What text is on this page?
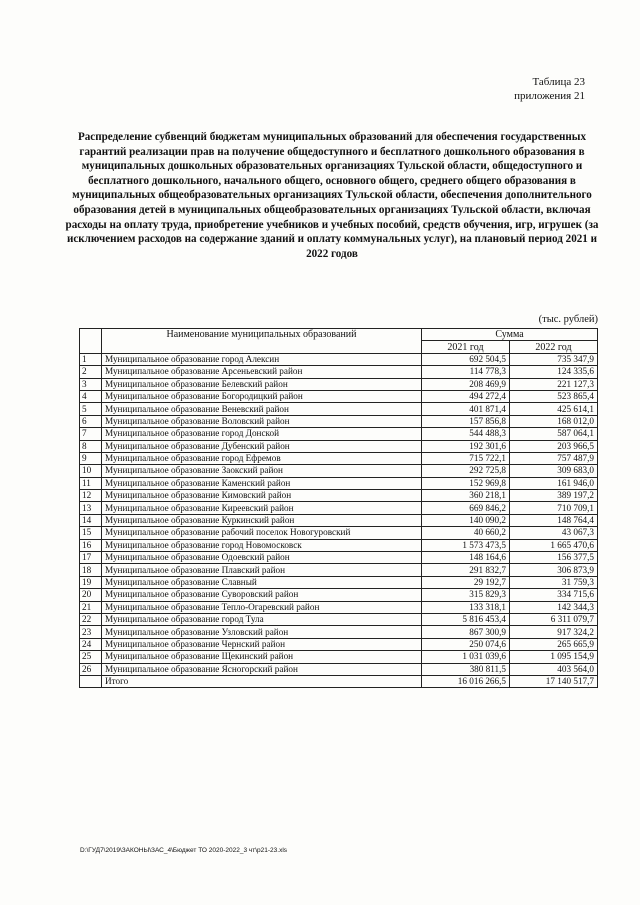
Таблица 23
приложения 21
Распределение субвенций бюджетам муниципальных образований для обеспечения государственных гарантий реализации прав на получение общедоступного и бесплатного дошкольного образования в муниципальных дошкольных образовательных организациях Тульской области, общедоступного и бесплатного дошкольного, начального общего, основного общего, среднего общего образования в муниципальных общеобразовательных организациях Тульской области, обеспечения дополнительного образования детей в муниципальных общеобразовательных организациях Тульской области, включая расходы на оплату труда, приобретение учебников и учебных пособий, средств обучения, игр, игрушек (за исключением расходов на содержание зданий и оплату коммунальных услуг), на плановый период 2021 и 2022 годов
(тыс. рублей)
	Наименование муниципальных образований	Сумма	
		2021 год	2022 год
1	Муниципальное образование город Алексин	692 504,5	735 347,9
2	Муниципальное образование Арсеньевский район	114 778,3	124 335,6
3	Муниципальное образование Белевский район	208 469,9	221 127,3
4	Муниципальное образование Богородицкий район	494 272,4	523 865,4
5	Муниципальное образование Веневский район	401 871,4	425 614,1
6	Муниципальное образование Воловский район	157 856,8	168 012,0
7	Муниципальное образование город Донской	544 488,3	587 064,1
8	Муниципальное образование Дубенский район	192 301,6	203 966,5
9	Муниципальное образование город Ефремов	715 722,1	757 487,9
10	Муниципальное образование Заокский район	292 725,8	309 683,0
11	Муниципальное образование Каменский район	152 969,8	161 946,0
12	Муниципальное образование Кимовский район	360 218,1	389 197,2
13	Муниципальное образование Киреевский район	669 846,2	710 709,1
14	Муниципальное образование Куркинский район	140 090,2	148 764,4
15	Муниципальное образование рабочий поселок Новогуровский	40 660,2	43 067,3
16	Муниципальное образование город Новомосковск	1 573 473,5	1 665 470,6
17	Муниципальное образование Одоевский район	148 164,6	156 377,5
18	Муниципальное образование Плавский район	291 832,7	306 873,9
19	Муниципальное образование Славный	29 192,7	31 759,3
20	Муниципальное образование Суворовский район	315 829,3	334 715,6
21	Муниципальное образование Тепло-Огаревский район	133 318,1	142 344,3
22	Муниципальное образование город Тула	5 816 453,4	6 311 079,7
23	Муниципальное образование Узловский район	867 300,9	917 324,2
24	Муниципальное образование Чернский район	250 074,6	265 665,9
25	Муниципальное образование Щекинский район	1 031 039,6	1 095 154,9
26	Муниципальное образование Ясногорский район	380 811,5	403 564,0
	Итого	16 016 266,5	17 140 517,7
D:\ГУД7\2019\ЗАКОНЫ\ЗАС_4\Бюджет ТО 2020-2022_3 чт\р21-23.xls
